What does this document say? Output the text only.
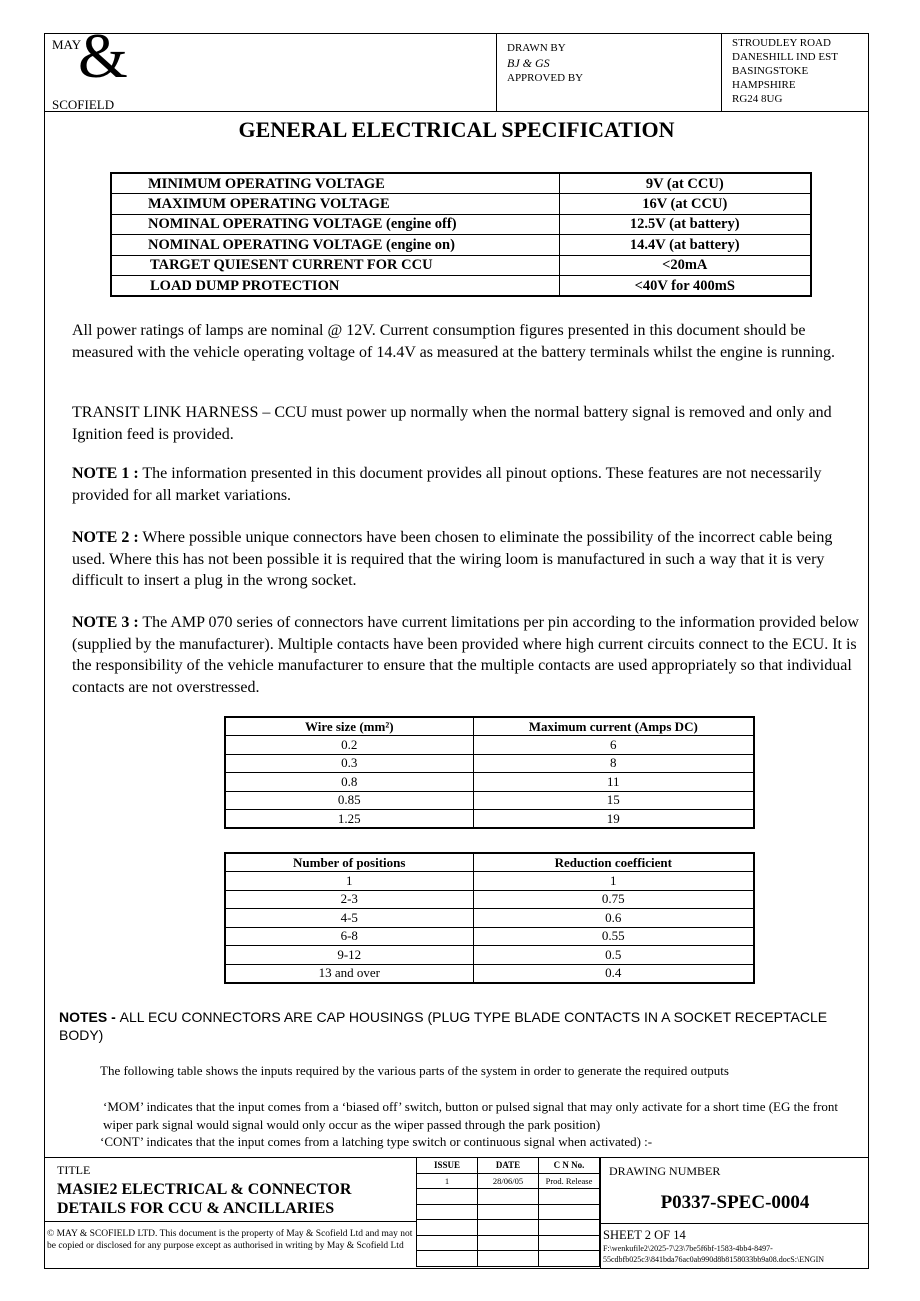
MAY
&
SCOFIELD
DRAWN BY
BJ & GS
APPROVED BY
STROUDLEY ROAD
DANESHILL IND EST
BASINGSTOKE
HAMPSHIRE
RG24 8UG
GENERAL ELECTRICAL SPECIFICATION
MINIMUM OPERATING VOLTAGE	9V (at CCU)
MAXIMUM OPERATING VOLTAGE	16V (at CCU)
NOMINAL OPERATING VOLTAGE (engine off)	12.5V (at battery)
NOMINAL OPERATING VOLTAGE (engine on)	14.4V (at battery)
TARGET QUIESENT CURRENT FOR CCU	<20mA
LOAD DUMP PROTECTION	<40V for 400mS
All power ratings of lamps are nominal @ 12V. Current consumption figures presented in this document should be measured with the vehicle operating voltage of 14.4V as measured at the battery terminals whilst the engine is running.
TRANSIT LINK HARNESS – CCU must power up normally when the normal battery signal is removed and only and Ignition feed is provided.
NOTE 1 : The information presented in this document provides all pinout options. These features are not necessarily provided for all market variations.
NOTE 2 : Where possible unique connectors have been chosen to eliminate the possibility of the incorrect cable being used. Where this has not been possible it is required that the wiring loom is manufactured in such a way that it is very difficult to insert a plug in the wrong socket.
NOTE 3 : The AMP 070 series of connectors have current limitations per pin according to the information provided below (supplied by the manufacturer). Multiple contacts have been provided where high current circuits connect to the ECU. It is the responsibility of the vehicle manufacturer to ensure that the multiple contacts are used appropriately so that individual contacts are not overstressed.
Wire size (mm²)	Maximum current (Amps DC)
0.2	6
0.3	8
0.8	11
0.85	15
1.25	19
Number of positions	Reduction coefficient
1	1
2-3	0.75
4-5	0.6
6-8	0.55
9-12	0.5
13 and over	0.4
NOTES - ALL ECU CONNECTORS ARE CAP HOUSINGS (PLUG TYPE BLADE CONTACTS IN A SOCKET RECEPTACLE BODY)
The following table shows the inputs required by the various parts of the system in order to generate the required outputs
‘MOM’ indicates that the input comes from a ‘biased off’ switch, button or pulsed signal that may only activate for a short time (EG the front wiper park signal would signal would only occur as the wiper passed through the park position)
‘CONT’ indicates that the input comes from a latching type switch or continuous signal when activated) :-
TITLE
MASIE2 ELECTRICAL & CONNECTOR
DETAILS FOR CCU & ANCILLARIES
© MAY & SCOFIELD LTD. This document is the property of May & Scofield Ltd and may not be copied or disclosed for any purpose except as authorised in writing by May & Scofield Ltd
ISSUE	DATE	C N No.
1	28/06/05	Prod. Release

DRAWING NUMBER
P0337-SPEC-0004
SHEET 2 OF 14
F:\wenkufile2\2025-7\23\7be5f6bf-1583-4bb4-8497-55cdbfb025c3\841bda76ac0ab990d8b8158033bb9a08.docS:\ENGIN
